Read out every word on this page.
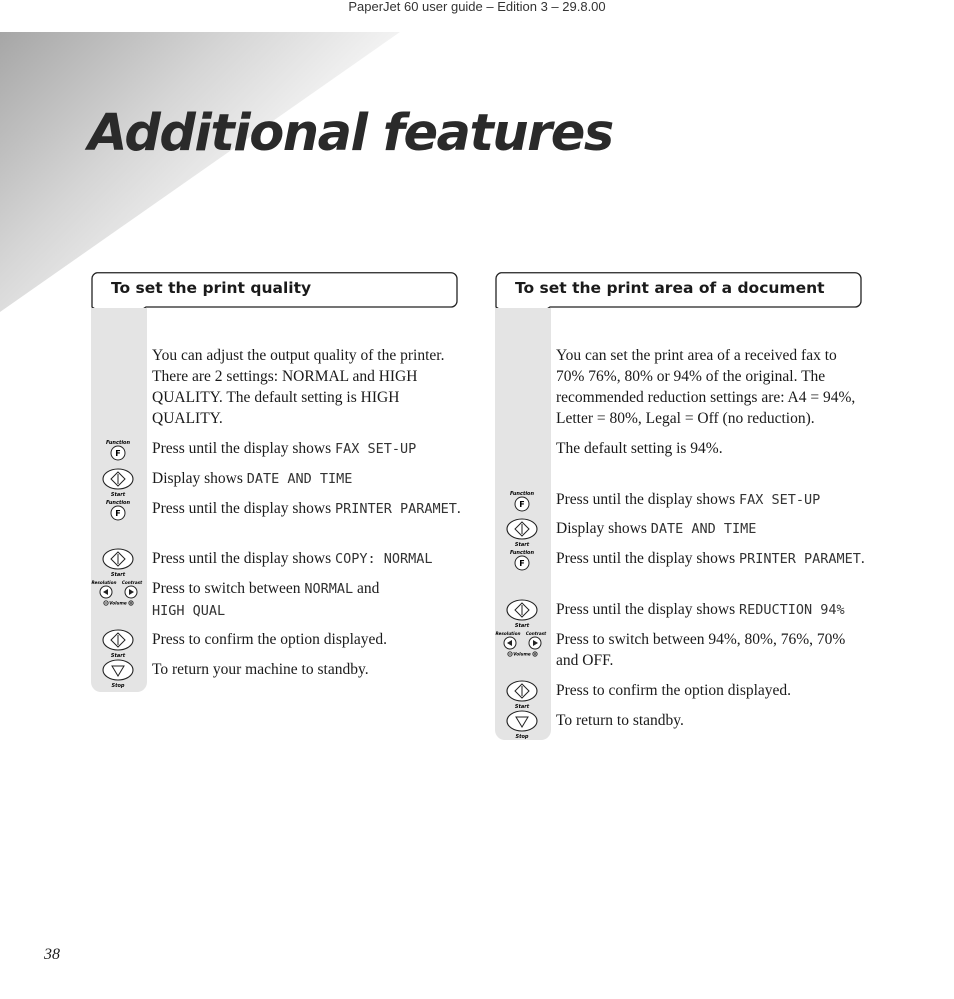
PaperJet 60 user guide – Edition 3 – 29.8.00
Additional features
To set the print quality

You can adjust the output quality of the printer. There are 2 settings: NORMAL and HIGH QUALITY. The default setting is HIGH QUALITY.

Function
F Press until the display shows FAX SET-UP
Start
Display shows DATE AND TIME
Function
F Press until the display shows PRINTER PARAMET.
Start
Press until the display shows COPY: NORMAL
Resolution Contrast
Volume
Press to switch between NORMAL and
HIGH QUAL
Start
Press to confirm the option displayed.
Stop
To return your machine to standby.
To set the print area of a document

You can set the print area of a received fax to 70% 76%, 80% or 94% of the original. The recommended reduction settings are: A4 = 94%, Letter = 80%, Legal = Off (no reduction).

The default setting is 94%.

Function
F Press until the display shows FAX SET-UP
Start
Display shows DATE AND TIME
Function
F Press until the display shows PRINTER PARAMET.
Start
Press until the display shows REDUCTION 94%
Resolution Contrast
Volume
Press to switch between 94%, 80%, 76%, 70% and OFF.
Start
Press to confirm the option displayed.
Stop
To return to standby.
38
